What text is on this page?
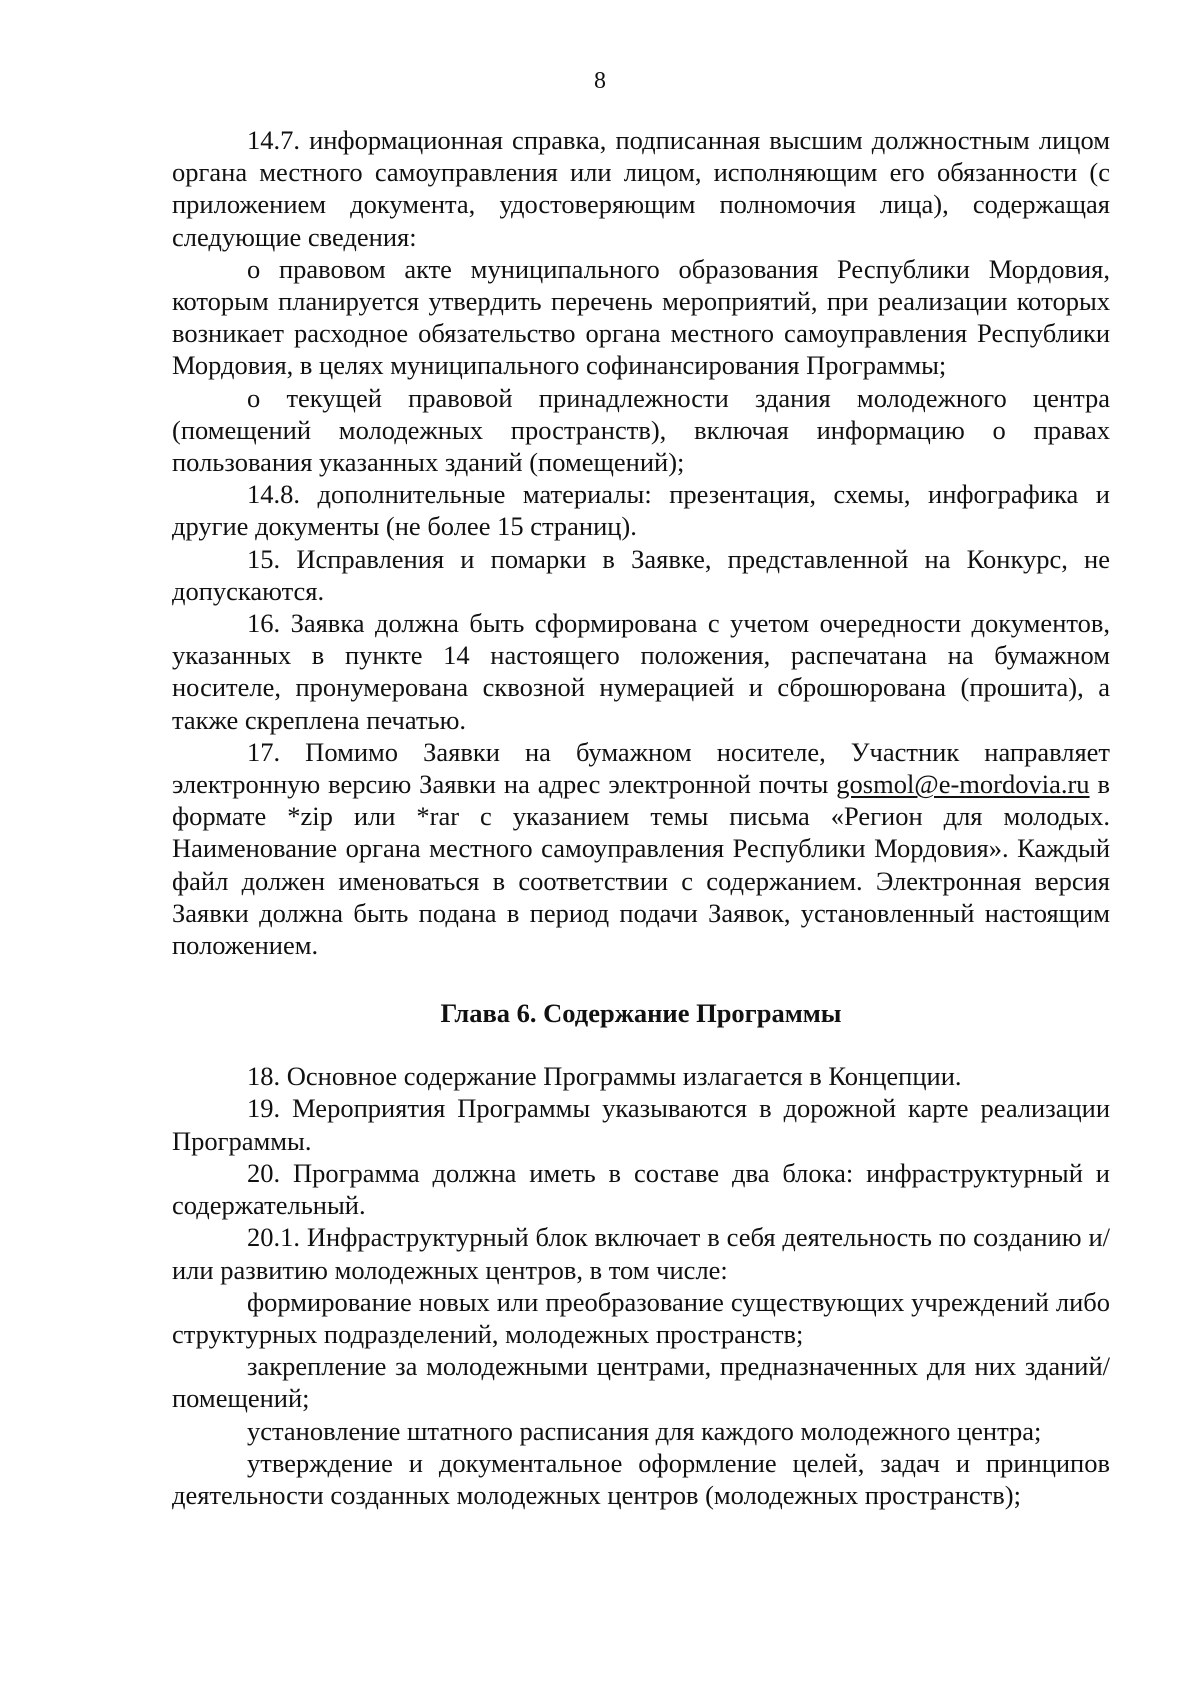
8

14.7. информационная справка, подписанная высшим должностным лицом органа местного самоуправления или лицом, исполняющим его обязанности (с приложением документа, удостоверяющим полномочия лица), содержащая следующие сведения:

о правовом акте муниципального образования Республики Мордовия, которым планируется утвердить перечень мероприятий, при реализации которых возникает расходное обязательство органа местного самоуправления Республики Мордовия, в целях муниципального софинансирования Программы;

о текущей правовой принадлежности здания молодежного центра (помещений молодежных пространств), включая информацию о правах пользования указанных зданий (помещений);

14.8. дополнительные материалы: презентация, схемы, инфографика и другие документы (не более 15 страниц).

15. Исправления и помарки в Заявке, представленной на Конкурс, не допускаются.

16. Заявка должна быть сформирована с учетом очередности документов, указанных в пункте 14 настоящего положения, распечатана на бумажном носителе, пронумерована сквозной нумерацией и сброшюрована (прошита), а также скреплена печатью.

17. Помимо Заявки на бумажном носителе, Участник направляет электронную версию Заявки на адрес электронной почты gosmol@e-mordovia.ru в формате *zip или *rar с указанием темы письма «Регион для молодых. Наименование органа местного самоуправления Республики Мордовия». Каждый файл должен именоваться в соответствии с содержанием. Электронная версия Заявки должна быть подана в период подачи Заявок, установленный настоящим положением.

Глава 6. Содержание Программы

18. Основное содержание Программы излагается в Концепции.

19. Мероприятия Программы указываются в дорожной карте реализации Программы.

20. Программа должна иметь в составе два блока: инфраструктурный и содержательный.

20.1. Инфраструктурный блок включает в себя деятельность по созданию и/или развитию молодежных центров, в том числе:

формирование новых или преобразование существующих учреждений либо структурных подразделений, молодежных пространств;

закрепление за молодежными центрами, предназначенных для них зданий/помещений;

установление штатного расписания для каждого молодежного центра;

утверждение и документальное оформление целей, задач и принципов деятельности созданных молодежных центров (молодежных пространств);
